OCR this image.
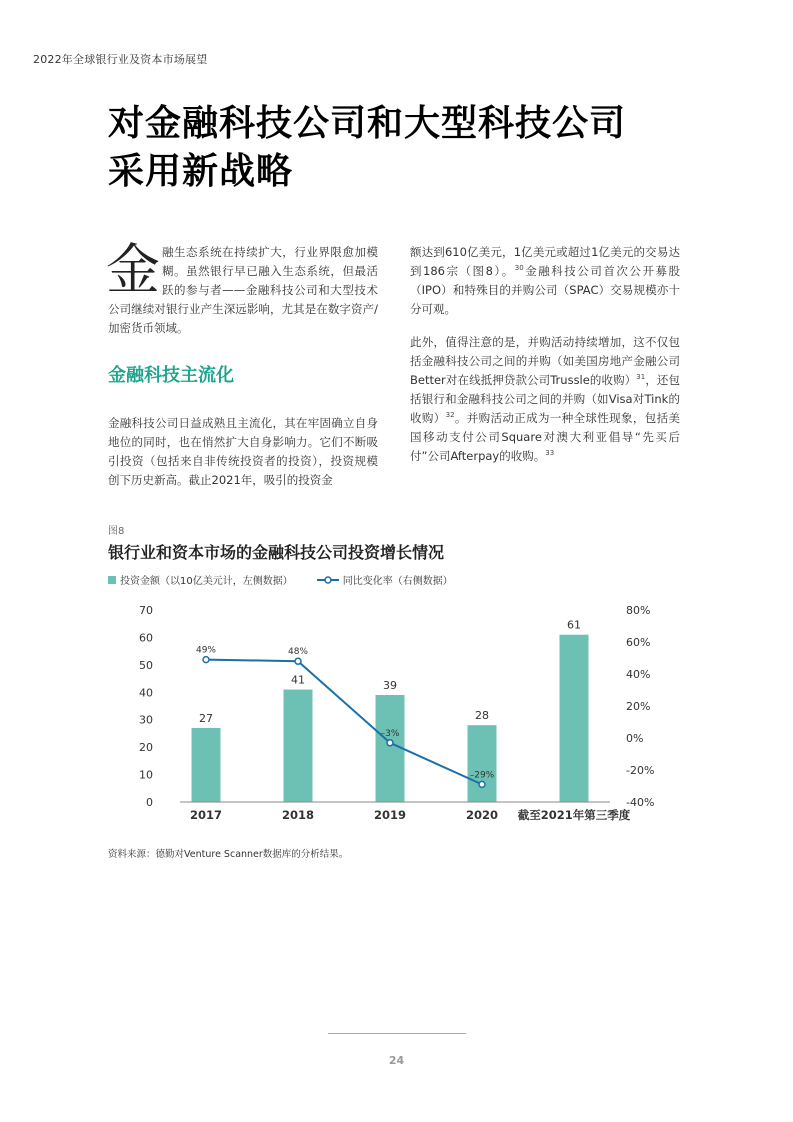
2022年全球银行业及资本市场展望
对金融科技公司和大型科技公司
采用新战略

金融生态系统在持续扩大，行业界限愈加模糊。虽然银行早已融入生态系统，但最活跃的参与者——金融科技公司和大型技术公司继续对银行业产生深远影响，尤其是在数字资产/加密货币领域。

金融科技主流化

金融科技公司日益成熟且主流化，其在牢固确立自身地位的同时，也在悄然扩大自身影响力。它们不断吸引投资（包括来自非传统投资者的投资），投资规模创下历史新高。截止2021年，吸引的投资金

额达到610亿美元，1亿美元或超过1亿美元的交易达到186宗（图8）。$^{30}$金融科技公司首次公开募股（IPO）和特殊目的并购公司（SPAC）交易规模亦十分可观。

此外，值得注意的是，并购活动持续增加，这不仅包括金融科技公司之间的并购（如美国房地产金融公司Better对在线抵押贷款公司Trussle的收购）$^{31}$，还包括银行和金融科技公司之间的并购（如Visa对Tink的收购）$^{32}$。并购活动正成为一种全球性现象，包括美国移动支付公司Square对澳大利亚倡导“先买后付”公司Afterpay的收购。$^{33}$

图8
银行业和资本市场的金融科技公司投资增长情况
投资金额（以10亿美元计，左侧数据）	同比变化率（右侧数据）
0
10
20
30
40
50
60
70
-40%
-20%
0%
20%
40%
60%
80%
27
41	39
28
61
2017	2018	2019	2020 截至2021年第三季度
49%	48%
–3%
–29%
资料来源：德勤对Venture Scanner数据库的分析结果。
24
